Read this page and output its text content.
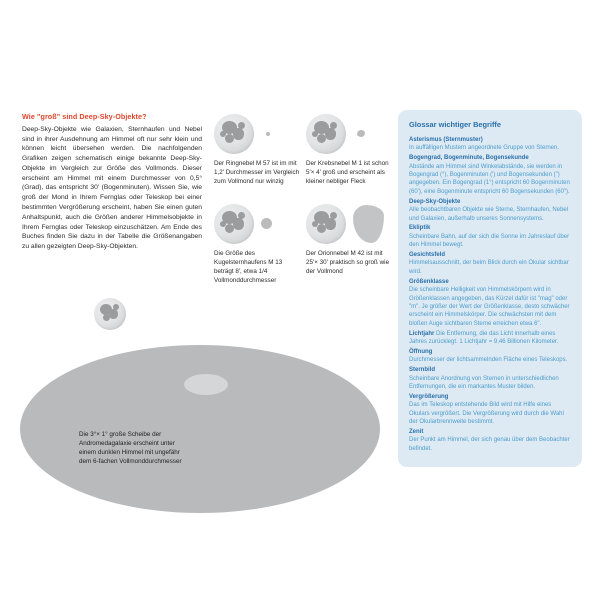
Wie "groß" sind Deep-Sky-Objekte?

Deep-Sky-Objekte wie Galaxien, Sternhaufen und Nebel sind in ihrer Ausdehnung am Himmel oft nur sehr klein und können leicht übersehen werden. Die nachfolgenden Grafiken zeigen schematisch einige bekannte Deep-Sky-Objekte im Vergleich zur Größe des Vollmonds. Dieser erscheint am Himmel mit einem Durchmesser von 0,5° (Grad), das entspricht 30' (Bogenminuten). Wissen Sie, wie groß der Mond in Ihrem Fernglas oder Teleskop bei einer bestimmten Vergrößerung erscheint, haben Sie einen guten Anhaltspunkt, auch die Größen anderer Himmelsobjekte in Ihrem Fernglas oder Teleskop einzuschätzen. Am Ende des Buches finden Sie dazu in der Tabelle die Größenangaben zu allen gezeigten Deep-Sky-Objekten.

Der Ringnebel M 57 ist im mit 1,2' Durchmesser im Vergleich zum Vollmond nur winzig

Der Krebsnebel M 1 ist schon 5'× 4' groß und erscheint als kleiner nebliger Fleck

Die Größe des Kugelsternhaufens M 13 beträgt 8', etwa 1/4 Vollmonddurchmesser

Der Orionnebel M 42 ist mit 25'× 30' praktisch so groß wie der Vollmond

Die 3°× 1° große Scheibe der Andromedagalaxie erscheint unter einem dunklen Himmel mit ungefähr dem 6-fachen Vollmonddurchmesser

Glossar wichtiger Begriffe

Asterismus (Sternmuster)
In auffälligen Mustern angeordnete Gruppe von Sternen.

Bogengrad, Bogenminute, Bogensekunde
Abstände am Himmel sind Winkelabstände, sie werden in Bogengrad (°), Bogenminuten (') und Bogensekunden (") angegeben. Ein Bogengrad (1°) entspricht 60 Bogenminuten (60'), eine Bogenminute entspricht 60 Bogensekunden (60").

Deep-Sky-Objekte
Alle beobachtbaren Objekte wie Sterne, Sternhaufen, Nebel und Galaxien, außerhalb unseres Sonnensystems.

Ekliptik
Scheinbare Bahn, auf der sich die Sonne im Jahreslauf über den Himmel bewegt.

Gesichtsfeld
Himmelsausschnitt, der beim Blick durch ein Okular sichtbar wird.

Größenklasse
Die scheinbare Helligkeit von Himmelskörpern wird in Größenklassen angegeben, das Kürzel dafür ist "mag" oder "m". Je größer der Wert der Größenklasse, desto schwächer erscheint ein Himmelskörper. Die schwächsten mit dem bloßen Auge sichtbaren Sterne erreichen etwa 6".

Lichtjahr Die Entfernung, die das Licht innerhalb eines Jahres zurücklegt. 1 Lichtjahr = 9,46 Billionen Kilometer.

Öffnung
Durchmesser der lichtsammelnden Fläche eines Teleskops.

Sternbild
Scheinbare Anordnung von Sternen in unterschiedlichen Entfernungen, die ein markantes Muster bilden.

Vergrößerung
Das im Teleskop entstehende Bild wird mit Hilfe eines Okulars vergrößert. Die Vergrößerung wird durch die Wahl der Okularbrennweite bestimmt.

Zenit
Der Punkt am Himmel, der sich genau über dem Beobachter befindet.
